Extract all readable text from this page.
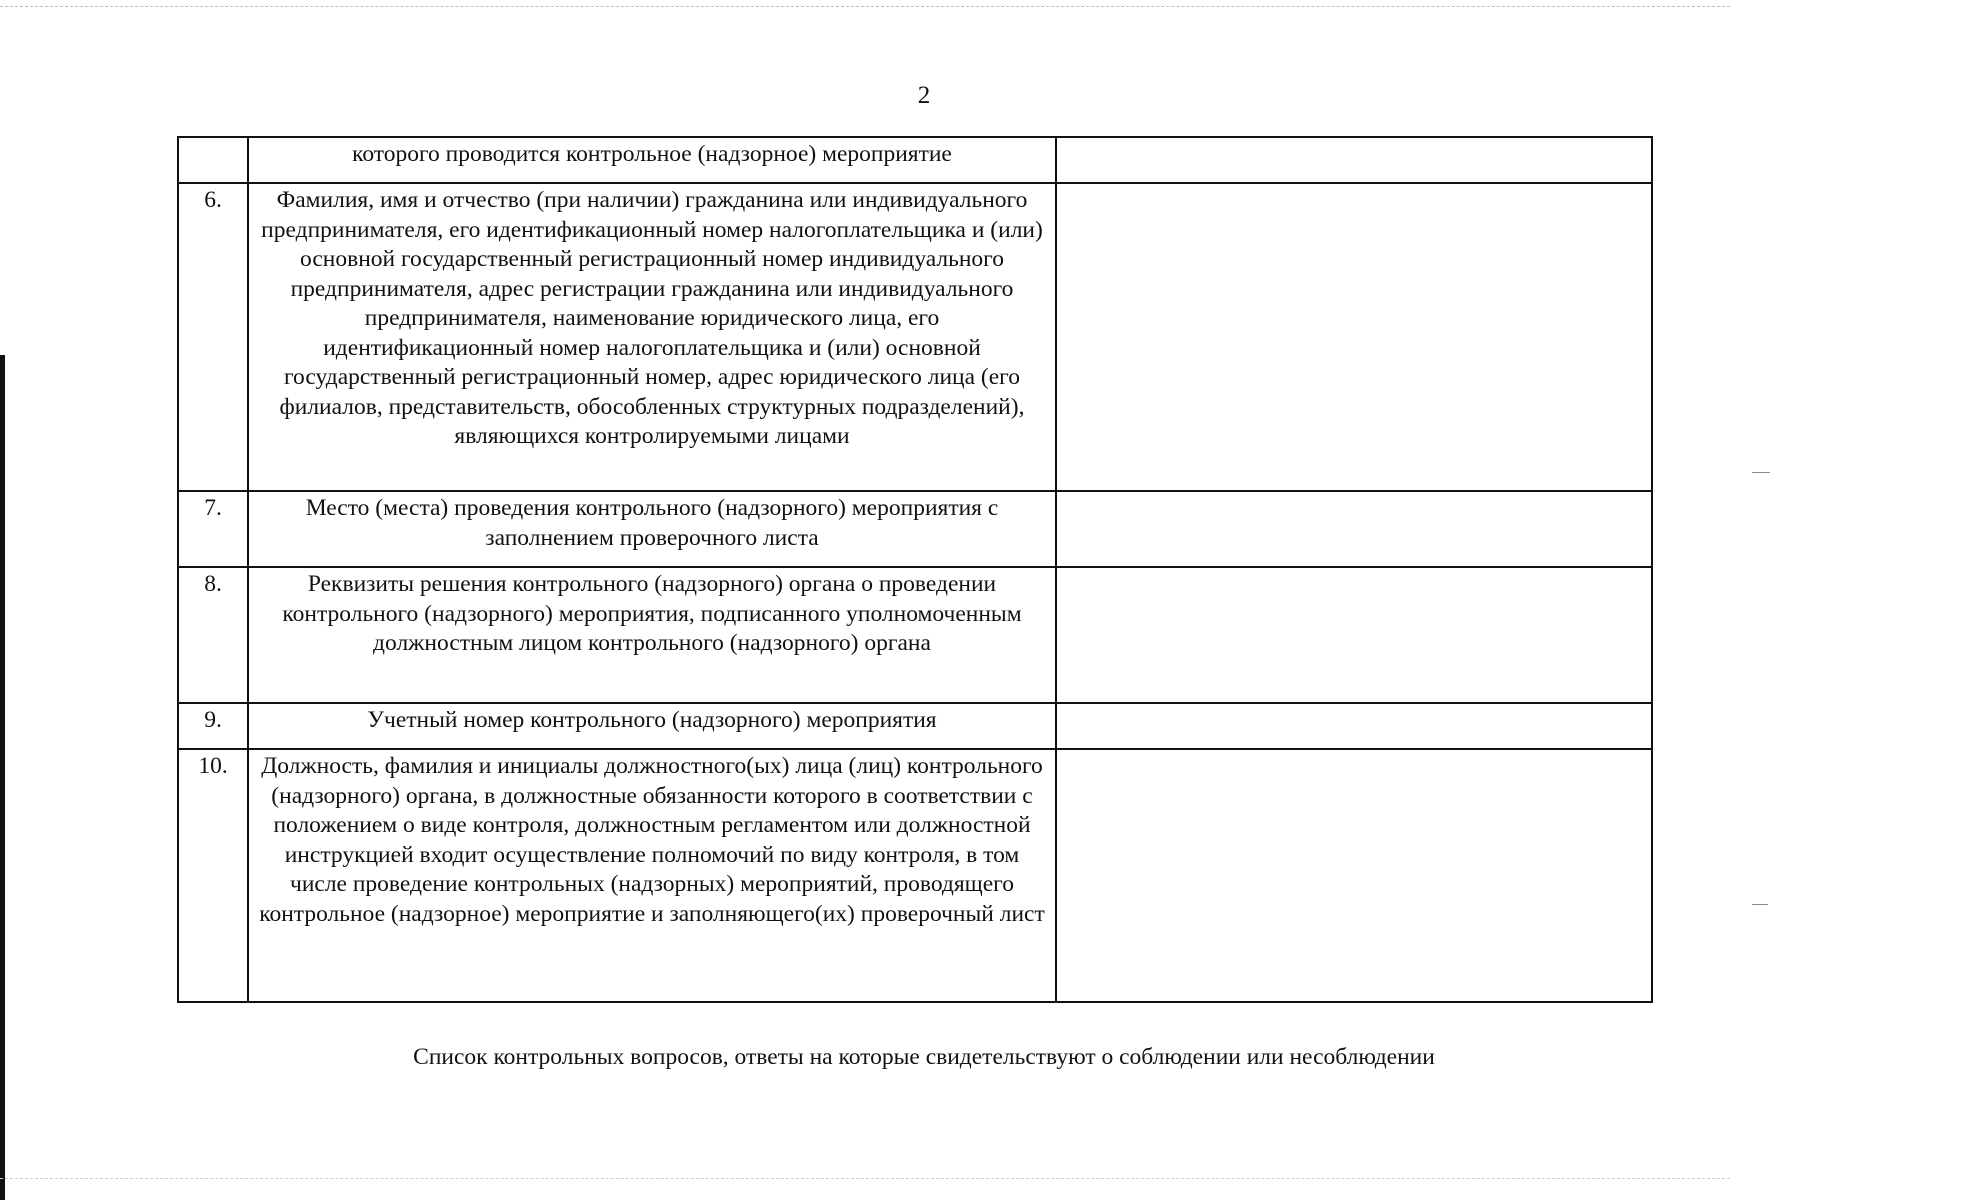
2
	которого проводится контрольное (надзорное) мероприятие	
6.	Фамилия, имя и отчество (при наличии) гражданина или индивидуального предпринимателя, его идентификационный номер налогоплательщика и (или) основной государственный регистрационный номер индивидуального предпринимателя, адрес регистрации гражданина или индивидуального предпринимателя, наименование юридического лица, его идентификационный номер налогоплательщика и (или) основной государственный регистрационный номер, адрес юридического лица (его филиалов, представительств, обособленных структурных подразделений), являющихся контролируемыми лицами	
7.	Место (места) проведения контрольного (надзорного) мероприятия с заполнением проверочного листа	
8.	Реквизиты решения контрольного (надзорного) органа о проведении контрольного (надзорного) мероприятия, подписанного уполномоченным должностным лицом контрольного (надзорного) органа	
9.	Учетный номер контрольного (надзорного) мероприятия	
10.	Должность, фамилия и инициалы должностного(ых) лица (лиц) контрольного (надзорного) органа, в должностные обязанности которого в соответствии с положением о виде контроля, должностным регламентом или должностной инструкцией входит осуществление полномочий по виду контроля, в том числе проведение контрольных (надзорных) мероприятий, проводящего контрольное (надзорное) мероприятие и заполняющего(их) проверочный лист	
Список контрольных вопросов, ответы на которые свидетельствуют о соблюдении или несоблюдении
